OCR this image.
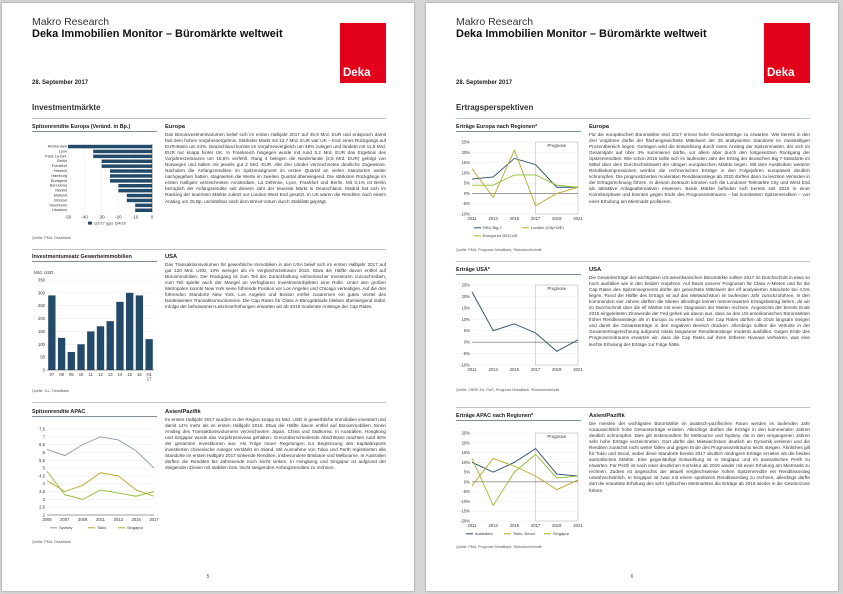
Makro Research
Deka Immobilien Monitor – Büromärkte weltweit
Deka
28. September 2017
Investmentmärkte
Spitzenrendite Europa (Veränd. in Bp.)
-50	-40	-30	-20	-10	0
Amsterdam
Lyon
Paris La Déf.
Berlin
Frankfurt
Helsinki
Hamburg
Budapest
Barcelona
Madrid
Mailand
Brüssel
Stockholm
Lissabon
Q2/17 ggü. Q4/16
Quelle: PMA, DekaBank
Investmentumsatz Gewerbeimmobilien
Mrd. USD
350
300
250
200
150
100
50
0
07 08 09 10 11 12 13 14 15 16 H1
17
Quelle: JLL, DekaBank
Spitzenrendite APAC
7,5
7
6,5
6
5,5
5
4,5
4
3,5
3
2,5
2
2005 2007 2009 2011 2013 2015 2017
Sydney	Tokio	Singapur
Quelle: PMA, DekaBank
Europa
Das Büroinvestmentvolumen belief sich im ersten Halbjahr 2017 auf 45,9 Mrd. EUR und entsprach damit fast dem hohen Vorjahresergebnis. Stärkster Markt mit 12,7 Mrd. EUR war UK – trotz eines Rückgangs auf EUR-Basis um 24%. Deutschland konnte im Vorjahresvergleich um 48% zulegen und landete mit 11,5 Mrd. EUR nur knapp hinter UK. In Frankreich hingegen wurde mit rund 5,2 Mrd. EUR das Ergebnis des Vorjahreszeitraums um 15,5% verfehlt. Rang 4 belegen die Niederlande (2,5 Mrd. EUR) gefolgt von Norwegen und Italien mit jeweils gut 2 Mrd. EUR. Alle drei Länder verzeichneten deutliche Zugewinne. Nachdem die Anfangsrenditen im Spitzensegment im ersten Quartal an vielen Standorten weiter nachgegeben hatten, stagnierten die Werte im zweiten Quartal überwiegend. Die stärksten Rückgänge im ersten Halbjahr verzeichneten Amsterdam, La Défense, Lyon, Frankfurt und Berlin. Mit 3,1% ist Berlin bezüglich der Anfangsrendite seit diesem Jahr der teuerste Markt in Deutschland. Madrid hat sich im Ranking der teuersten Märkte zuletzt vor London West End gesetzt. In UK waren die Renditen nach einem Anstieg um 25 Bp. unmittelbar nach dem Brexit-Votum durch Stabilität geprägt.
USA
Das Transaktionsvolumen für gewerbliche Immobilien in den USA belief sich im ersten Halbjahr 2017 auf gut 120 Mrd. USD, 10% weniger als im Vergleichszeitraum 2016. Etwa die Hälfte davon entfiel auf Büroimmobilien. Der Rückgang ist zum Teil der Zurückhaltung einheimischer Investoren zuzuschreiben, zum Teil spielte auch der Mangel an verfügbaren Investmentobjekten eine Rolle. Unter den großen Metropolen konnte New York seine führende Position vor Los Angeles und Chicago verteidigen. Auf die drei führenden Standorte New York, Los Angeles und Boston entfiel zusammen ein gutes Viertel des landesweiten Transaktionsvolumens. Die Cap Rates für Class A-Bürogebäude blieben überwiegend stabil. Infolge der behutsamen Leitzinserhöhungen erwarten wir ab 2018 moderate Anstiege der Cap Rates.
Asien/Pazifik
Im ersten Halbjahr 2017 wurden in der Region knapp 61 Mrd. USD in gewerbliche Immobilien investiert und damit 14% mehr als im ersten Halbjahr 2016. Etwa die Hälfte davon entfiel auf Büroimmobilien. Einen Anstieg des Transaktionsvolumens verzeichneten Japan, China und Südkorea. In Australien, Hongkong und Singapur wurde das Vorjahresniveau gehalten. Grenzüberschreitende Abschlüsse machten rund 30% der gesamten Investitionen aus. Als Folge neuer Regelungen zur Begrenzung des Kapitalexports investierten chinesische Anleger verstärkt im Inland. Mit Ausnahme von Tokio und Perth registrierten alle Standorte im ersten Halbjahr 2017 sinkende Renditen, insbesondere Brisbane und Melbourne. In Australien dürften die Renditen bis Jahresende noch leicht sinken. In Hongkong und Singapur ist aufgrund der steigenden Zinsen mit stabilen bzw. leicht steigenden Anfangsrenditen zu rechnen.
5
Makro Research
Deka Immobilien Monitor – Büromärkte weltweit
Deka
28. September 2017
Ertragsperspektiven
Erträge Europa nach Regionen*
25%
20%
15%
10%
5%
0%
-5%
-10%
Prognose
2011	2013	2015	2017	2019	2021
DEU Big-7	London (City+WE)
Europa ex DEU,UK
Quelle: PMA, Prognose DekaBank; *Bürodurchschnitt
Erträge USA*
25%
20%
15%
10%
5%
0%
-5%
-10%
Prognose
2011	2013	2015	2017	2019	2021
Quelle: CBRE-EA, PwC, Prognose DekaBank; *Bürodurchschnitt
Erträge APAC nach Regionen*
25%
20%
15%
10%
5%
0%
-5%
-10%
-15%
-20%
Prognose
2011	2013	2015	2017	2019	2021
Australien	Tokio, Seoul	Singapur
Quelle: PMA, Prognose DekaBank; *Bürodurchschnitt
Europa
Für die europäischen Büromärkte sind 2017 erneut hohe Gesamterträge zu erwarten. Wie bereits in den drei Vorjahren dürfte der flächengewichtete Mittelwert der 25 analysierten Standorte im zweistelligen Prozentbereich liegen. Getragen wird die Entwicklung durch einen Anstieg der Spitzenmieten, der sich im Gesamtjahr auf über 3% summieren dürfte, vor allem aber durch den fortgesetzten Rückgang der Spitzenrenditen. Wie schon 2016 sollte sich im laufenden Jahr der Ertrag der deutschen Big 7-Standorte im Mittel über dem Durchschnittswert der übrigen europäischen Märkte liegen. Mit dem Ausbleiben weiterer Renditekompressionen werden die rechnerischen Erträge in den Folgejahren europaweit deutlich schrumpfen. Die prognostizierten moderaten Renditeanstiege ab 2020 dürften dann zu leichten Verlusten in der Ertragsrechnung führen. In diesem Zeitraum könnten sich die Londoner Teilmärkte City und West End als attraktive Anlagealternativen erweisen. Beide Märkte befinden sich bereits seit 2016 in einer Korrekturphase und könnten gegen Ende des Prognosezeitraums – bei konstanten Spitzenrenditen – von einer Erholung am Mietmarkt profitieren.
USA
Die Gesamterträge der wichtigsten US-amerikanischen Büromärkte sollten 2017 im Durchschnitt in etwa so hoch ausfallen wie in den beiden Vorjahren. Auf Basis unserer Prognosen für Class A-Mieten und für die Cap Rates des Spitzensegments dürfte der gewichtete Mittelwert der elf analysierten Standorte bei 4,5% liegen. Rund die Hälfte des Ertrags ist auf das Mietwachstum im laufenden Jahr zurückzuführen. In den kommenden vier Jahren dürften die Mieten allerdings keinen nennenswerten Ertragsbeitrag liefern, da wir im Durchschnitt über die elf Märkte mit einer Stagnation der Mieten rechnen. Angesichts der bereits Ende 2015 eingeleiteten Zinswende der Fed gehen wir davon aus, dass an den US-amerikanischen Büromärkten früher Renditeanstiege als in Europa zu erwarten sind. Die Cap Rates dürften ab 2018 langsam steigen und damit die Gesamterträge in den negativen Bereich drücken. Allerdings sollten die Verluste in der Gesamtertragsrechnung aufgrund relativ langsamer Renditeanstiege moderat ausfallen. Gegen Ende des Prognosezeitraums erwarten wir, dass die Cap Rates auf ihren höheren Niveaus verharren, was eine leichte Erholung der Erträge zur Folge hätte.
Asien/Pazifik
Die meisten der wichtigsten Büromärkte im asiatisch-pazifischen Raum werden im laufenden Jahr voraussichtlich hohe Gesamterträge erzielen. Allerdings dürften die Erträge in den kommenden Jahren deutlich schrumpfen. Dies gilt insbesondere für Melbourne und Sydney, die in den vergangenen Jahren sehr hohe Erträge verzeichneten. Dort dürfte das Mietwachstum deutlich an Dynamik verlieren und die Renditen zunächst nicht weiter fallen und gegen Ende des Prognosezeitraums leicht steigen. Ähnliches gilt für Tokio und Seoul, wobei diese Standorte bereits 2017 deutlich niedrigere Erträge erzielen als die beiden australischen Märkte. Eine gegenläufige Entwicklung ist in Singapur und im australischen Perth zu erwarten. Für Perth ist nach einer deutlichen Korrektur ab 2019 wieder mit einer Erholung am Mietmarkt zu rechnen. Zudem ist angesichts der aktuell vergleichsweise hohen Spitzenrendite ein Renditeanstieg unwahrscheinlich. In Singapur ist zwar mit einem spürbaren Renditeanstieg zu rechnen, allerdings dürfte dort die erwartete Erholung des sehr zyklischen Mietmarktes die Erträge ab 2019 wieder in die Gewinnzone führen.
6
